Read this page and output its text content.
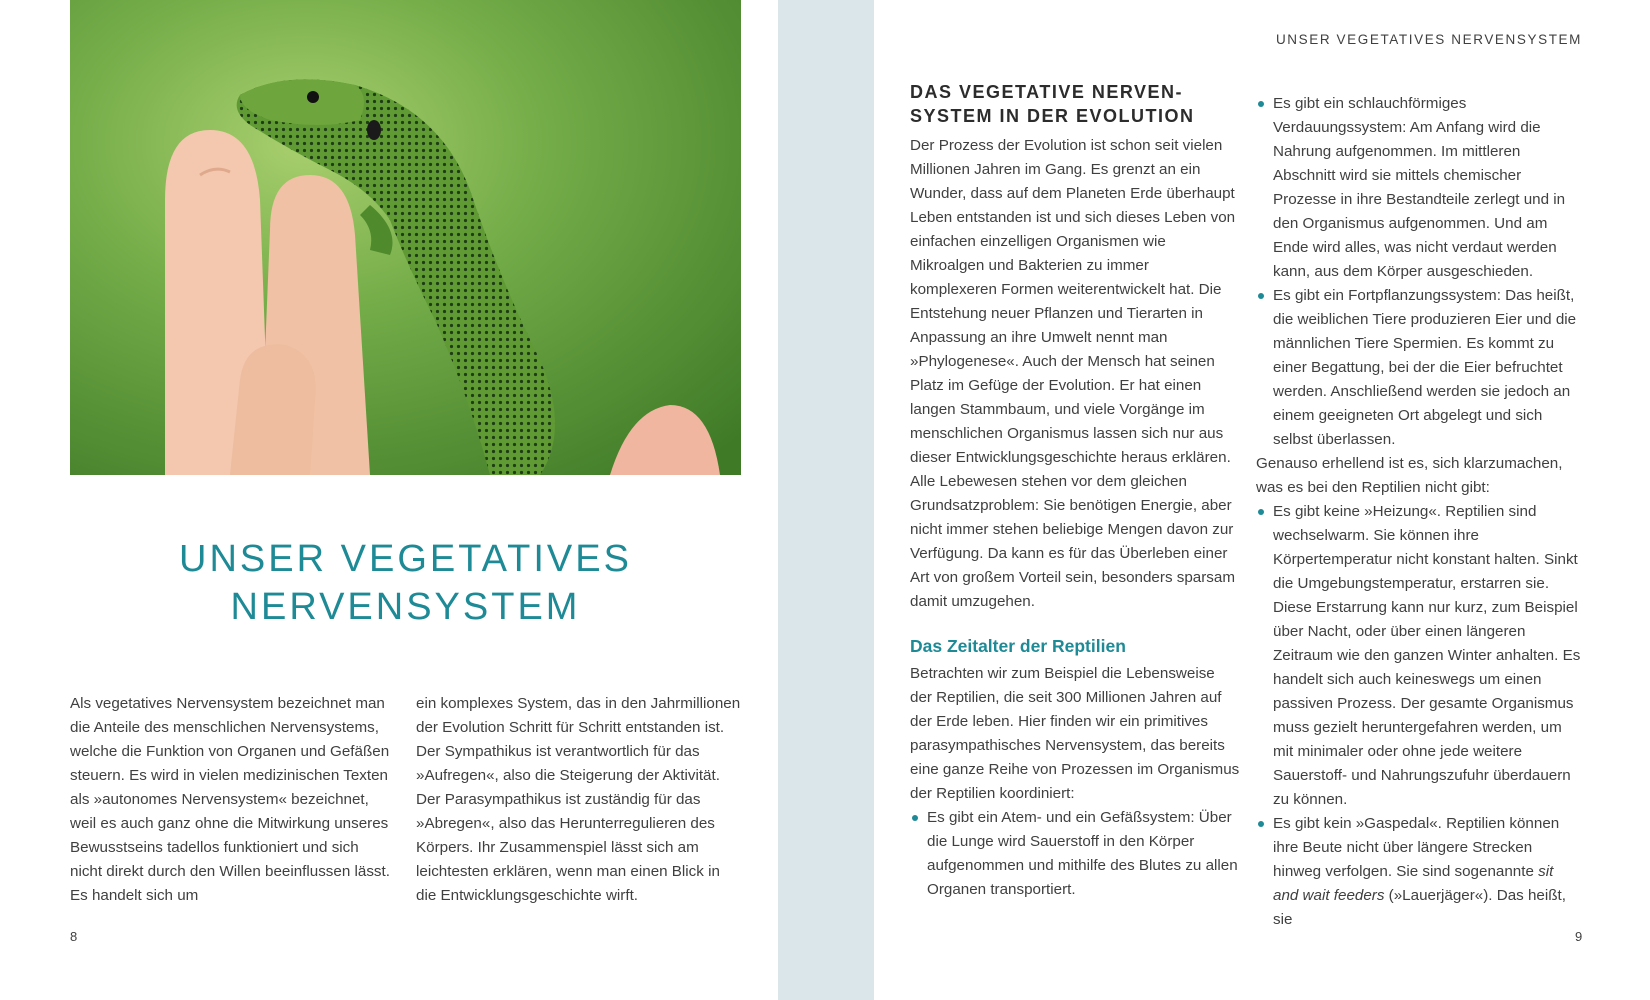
UNSER VEGETATIVES
NERVENSYSTEM

Als vegetatives Nervensystem bezeichnet man die Anteile des menschlichen Nervensystems, welche die Funktion von Organen und Gefäßen steuern. Es wird in vielen medizinischen Texten als »autonomes Nervensystem« bezeichnet, weil es auch ganz ohne die Mitwirkung unseres Bewusstseins tadellos funktioniert und sich nicht direkt durch den Willen beeinflussen lässt. Es handelt sich um

ein komplexes System, das in den Jahrmillionen der Evolution Schritt für Schritt entstanden ist. Der Sympathikus ist verantwortlich für das »Aufregen«, also die Steigerung der Aktivität. Der Parasympathikus ist zuständig für das »Abregen«, also das Herunterregulieren des Körpers. Ihr Zusammenspiel lässt sich am leichtesten erklären, wenn man einen Blick in die Entwicklungsgeschichte wirft.

8
UNSER VEGETATIVES NERVENSYSTEM
DAS VEGETATIVE NERVEN-
SYSTEM IN DER EVOLUTION

Der Prozess der Evolution ist schon seit vielen Millionen Jahren im Gang. Es grenzt an ein Wunder, dass auf dem Planeten Erde überhaupt Leben entstanden ist und sich dieses Leben von einfachen einzelligen Organismen wie Mikroalgen und Bakterien zu immer komplexeren Formen weiterentwickelt hat. Die Entstehung neuer Pflanzen und Tierarten in Anpassung an ihre Umwelt nennt man »Phylogenese«. Auch der Mensch hat seinen Platz im Gefüge der Evolution. Er hat einen langen Stammbaum, und viele Vorgänge im menschlichen Organismus lassen sich nur aus dieser Entwicklungsgeschichte heraus erklären.

Alle Lebewesen stehen vor dem gleichen Grundsatzproblem: Sie benötigen Energie, aber nicht immer stehen beliebige Mengen davon zur Verfügung. Da kann es für das Überleben einer Art von großem Vorteil sein, besonders sparsam damit umzugehen.

Das Zeitalter der Reptilien

Betrachten wir zum Beispiel die Lebensweise der Reptilien, die seit 300 Millionen Jahren auf der Erde leben. Hier finden wir ein primitives parasympathisches Nervensystem, das bereits eine ganze Reihe von Prozessen im Organismus der Reptilien koordiniert:

Es gibt ein Atem- und ein Gefäßsystem: Über die Lunge wird Sauerstoff in den Körper aufgenommen und mithilfe des Blutes zu allen Organen transportiert.
Es gibt ein schlauchförmiges Verdauungssystem: Am Anfang wird die Nahrung aufgenommen. Im mittleren Abschnitt wird sie mittels chemischer Prozesse in ihre Bestandteile zerlegt und in den Organismus aufgenommen. Und am Ende wird alles, was nicht verdaut werden kann, aus dem Körper ausgeschieden.
Es gibt ein Fortpflanzungssystem: Das heißt, die weiblichen Tiere produzieren Eier und die männlichen Tiere Spermien. Es kommt zu einer Begattung, bei der die Eier befruchtet werden. Anschließend werden sie jedoch an einem geeigneten Ort abgelegt und sich selbst überlassen.

Genauso erhellend ist es, sich klarzumachen, was es bei den Reptilien nicht gibt:

Es gibt keine »Heizung«. Reptilien sind wechselwarm. Sie können ihre Körpertemperatur nicht konstant halten. Sinkt die Umgebungstemperatur, erstarren sie. Diese Erstarrung kann nur kurz, zum Beispiel über Nacht, oder über einen längeren Zeitraum wie den ganzen Winter anhalten. Es handelt sich auch keineswegs um einen passiven Prozess. Der gesamte Organismus muss gezielt heruntergefahren werden, um mit minimaler oder ohne jede weitere Sauerstoff- und Nahrungszufuhr überdauern zu können.
Es gibt kein »Gaspedal«. Reptilien können ihre Beute nicht über längere Strecken hinweg verfolgen. Sie sind sogenannte sit and wait feeders (»Lauerjäger«). Das heißt, sie
9
